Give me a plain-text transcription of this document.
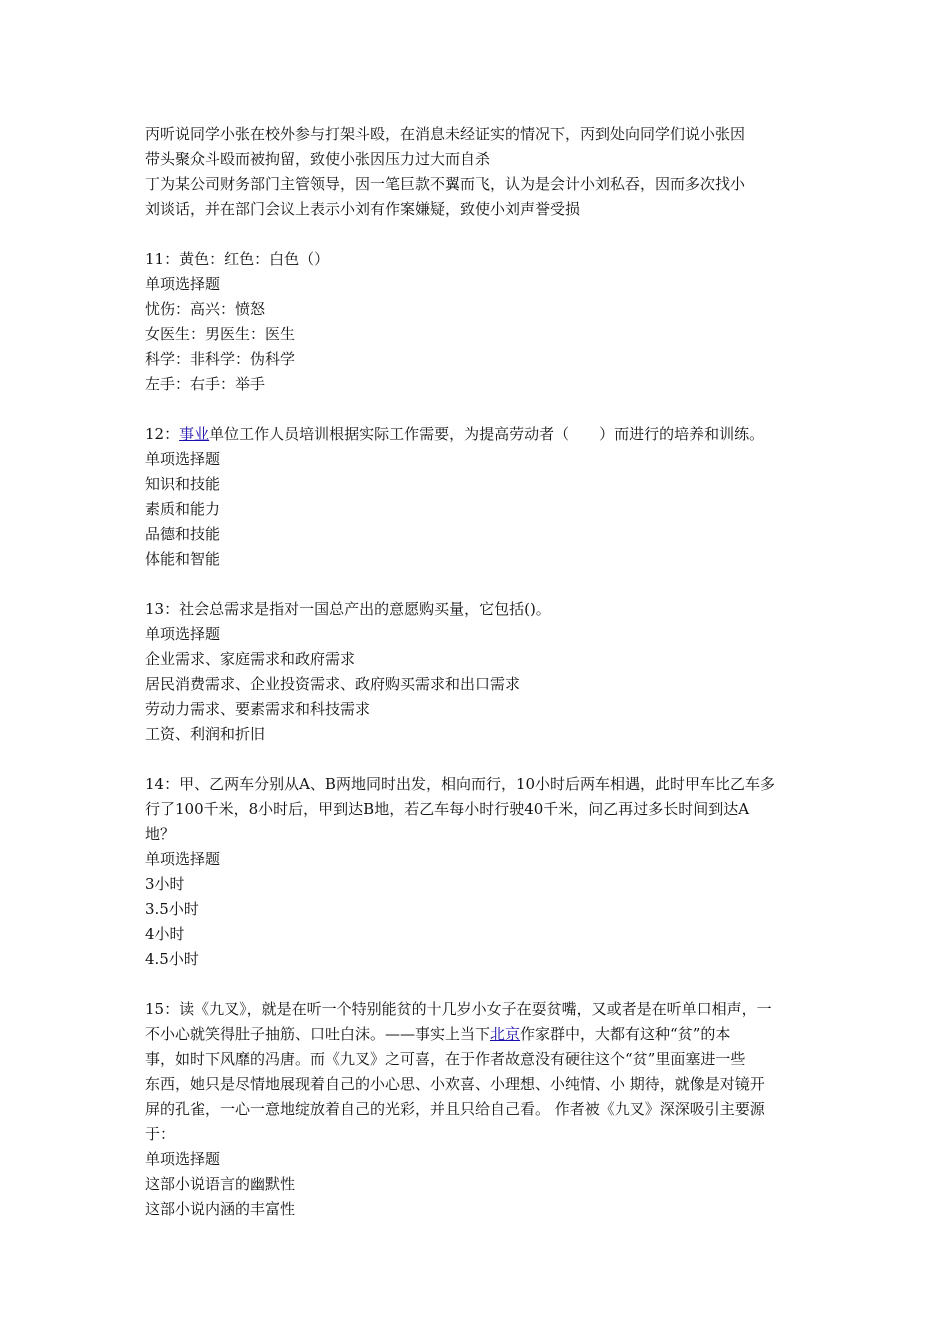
丙听说同学小张在校外参与打架斗殴，在消息未经证实的情况下，丙到处向同学们说小张因
带头聚众斗殴而被拘留，致使小张因压力过大而自杀
丁为某公司财务部门主管领导，因一笔巨款不翼而飞，认为是会计小刘私吞，因而多次找小
刘谈话，并在部门会议上表示小刘有作案嫌疑，致使小刘声誉受损
11：黄色：红色：白色（）
单项选择题
忧伤：高兴：愤怒
女医生：男医生：医生
科学：非科学：伪科学
左手：右手：举手
12：事业单位工作人员培训根据实际工作需要，为提高劳动者（　　）而进行的培养和训练。
单项选择题
知识和技能
素质和能力
品德和技能
体能和智能
13：社会总需求是指对一国总产出的意愿购买量，它包括()。
单项选择题
企业需求、家庭需求和政府需求
居民消费需求、企业投资需求、政府购买需求和出口需求
劳动力需求、要素需求和科技需求
工资、利润和折旧
14：甲、乙两车分别从A、B两地同时出发，相向而行，10小时后两车相遇，此时甲车比乙车多
行了100千米，8小时后，甲到达B地，若乙车每小时行驶40千米，问乙再过多长时间到达A
地？
单项选择题
3小时
3.5小时
4小时
4.5小时
15：读《九叉》，就是在听一个特别能贫的十几岁小女子在耍贫嘴，又或者是在听单口相声，一
不小心就笑得肚子抽筋、口吐白沫。——事实上当下北京作家群中，大都有这种“贫”的本
事，如时下风靡的冯唐。而《九叉》之可喜，在于作者故意没有硬往这个“贫”里面塞进一些
东西，她只是尽情地展现着自己的小心思、小欢喜、小理想、小纯情、小 期待，就像是对镜开
屏的孔雀，一心一意地绽放着自己的光彩，并且只给自己看。 作者被《九叉》深深吸引主要源
于：
单项选择题
这部小说语言的幽默性
这部小说内涵的丰富性
